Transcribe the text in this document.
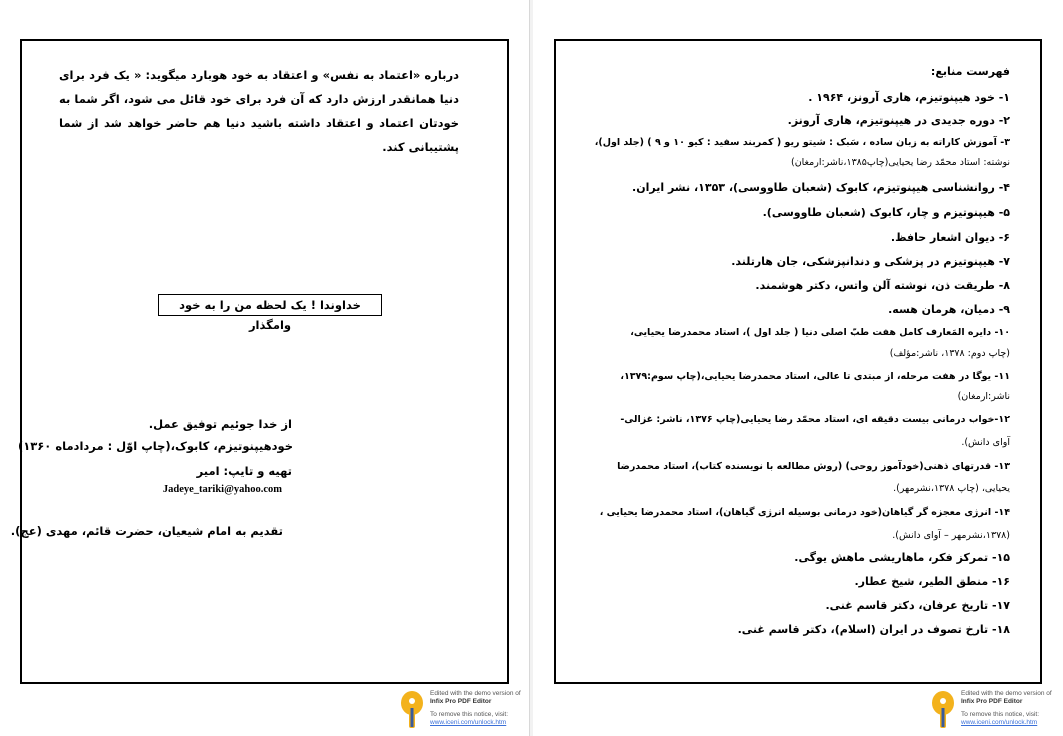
درباره «اعتماد به نفس» و اعتقاد به خود هوبارد میگوید: « یک فرد برای دنیا همانقدر ارزش دارد که آن فرد برای خود قائل می شود، اگر شما به خودتان اعتماد و اعتقاد داشته باشید دنیا هم حاضر خواهد شد از شما پشتیبانی کند.
خداوندا ! یک لحظه من را به خود وامگذار
از خدا جوئیم توفیق عمل.
خودهیپنوتیزم، کابوک،(چاپ اوّل : مردادماه ۱۳۶۰)
تهیه و تایپ: امیر
Jadeye_tariki@yahoo.com
تقدیم به امام شیعیان، حضرت قائم، مهدی (عج).
Edited with the demo version of
Infix Pro PDF Editor
To remove this notice, visit:
www.iceni.com/unlock.htm
فهرست منابع:
۱- خود هیپنوتیزم، هاری آرونز، ۱۹۶۴ .
۲- دوره جدیدی در هیپنوتیزم، هاری آرونز.
۳- آموزش کاراته به زبان ساده ، سَبک : شیتو ریو ( کمربند سفید : کیو ۱۰ و ۹ ) (جلد اول)،
نوشته: استاد محمّد رضا یحیایی(چاپ۱۳۸۵،ناشر:ارمغان)
۴- روانشناسی هیپنوتیزم، کابوک (شعبان طاووسی)، ۱۳۵۳، نشر ایران.
۵- هیپنوتیزم و چار، کابوک (شعبان طاووسی).
۶- دیوان اشعار حافظ.
۷- هیپنوتیزم در پزشکی و دندانپزشکی، جان هارتلند.
۸- طریقت ذن، نوشته آلن واتس، دکتر هوشمند.
۹- دمیان، هرمان هسه.
۱۰- دایره المَعارف کامل هفت طبّ اصلی دنیا ( جلد اول )، استاد محمدرضا یحیایی،
(چاپ دوم: ۱۳۷۸، ناشر:مؤلف)
۱۱- یوگا در هفت مرحله، از مبتدی تا عالی، استاد محمدرضا یحیایی،(چاپ سوم:۱۳۷۹،
ناشر:ارمغان)
۱۲-خواب درمانی بیست دقیقه ای، استاد محمّد رضا یحیایی(چاپ ۱۳۷۶، ناشر: غزالی-
آوای دانش).
۱۳- قدرتهای ذهنی(خودآموز روحی) (روش مطالعه با نویسنده کتاب)، استاد محمدرضا
یحیایی، (چاپ ۱۳۷۸،نشرمهر).
۱۴- انرژی معجزه گر گیاهان(خود درمانی بوسیله انرژی گیاهان)، استاد محمدرضا یحیایی ،
(۱۳۷۸،نشرمهر – آوای دانش).
۱۵- تمرکز فکر، ماهاریشی ماهش یوگی.
۱۶- منطق الطیر، شیخ عطار.
۱۷- تاریخ عرفان، دکتر قاسم غنی.
۱۸- تارخ تصوف در ایران (اسلام)، دکتر قاسم غنی.
Edited with the demo version of
Infix Pro PDF Editor
To remove this notice, visit:
www.iceni.com/unlock.htm
